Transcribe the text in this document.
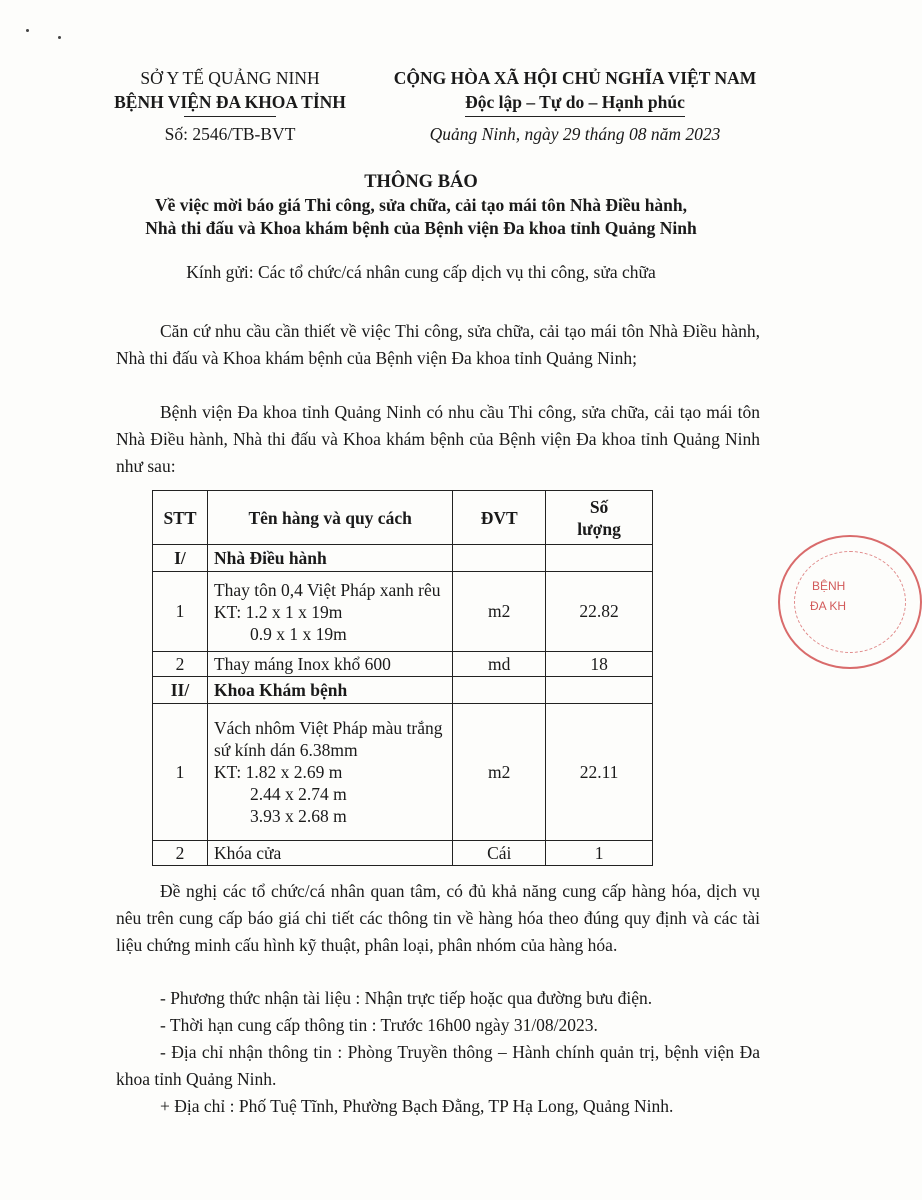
SỞ Y TẾ QUẢNG NINH
BỆNH VIỆN ĐA KHOA TỈNH
CỘNG HÒA XÃ HỘI CHỦ NGHĨA VIỆT NAM
Độc lập – Tự do – Hạnh phúc
Số: 2546/TB-BVT	Quảng Ninh, ngày 29 tháng 08 năm 2023
THÔNG BÁO
Về việc mời báo giá Thi công, sửa chữa, cải tạo mái tôn Nhà Điều hành,
Nhà thi đấu và Khoa khám bệnh của Bệnh viện Đa khoa tỉnh Quảng Ninh
Kính gửi: Các tổ chức/cá nhân cung cấp dịch vụ thi công, sửa chữa
Căn cứ nhu cầu cần thiết về việc Thi công, sửa chữa, cải tạo mái tôn Nhà Điều hành, Nhà thi đấu và Khoa khám bệnh của Bệnh viện Đa khoa tỉnh Quảng Ninh;
Bệnh viện Đa khoa tỉnh Quảng Ninh có nhu cầu Thi công, sửa chữa, cải tạo mái tôn Nhà Điều hành, Nhà thi đấu và Khoa khám bệnh của Bệnh viện Đa khoa tỉnh Quảng Ninh như sau:
STT	Tên hàng và quy cách	ĐVT	Số
lượng
I/	Nhà Điều hành		
1	Thay tôn 0,4 Việt Pháp xanh rêu
KT: 1.2 x 1 x 19m

0.9 x 1 x 19m	m2	22.82
2	Thay máng Inox khổ 600	md	18
II/	Khoa Khám bệnh		
1	Vách nhôm Việt Pháp màu trắng
sứ kính dán 6.38mm
KT: 1.82 x 2.69 m

2.44 x 2.74 m
3.93 x 2.68 m	m2	22.11
2	Khóa cửa	Cái	1
Đề nghị các tổ chức/cá nhân quan tâm, có đủ khả năng cung cấp hàng hóa, dịch vụ nêu trên cung cấp báo giá chi tiết các thông tin về hàng hóa theo đúng quy định và các tài liệu chứng minh cấu hình kỹ thuật, phân loại, phân nhóm của hàng hóa.
- Phương thức nhận tài liệu : Nhận trực tiếp hoặc qua đường bưu điện.
- Thời hạn cung cấp thông tin : Trước 16h00 ngày 31/08/2023.
- Địa chỉ nhận thông tin : Phòng Truyền thông – Hành chính quản trị, bệnh viện Đa khoa tỉnh Quảng Ninh.
+ Địa chỉ : Phố Tuệ Tĩnh, Phường Bạch Đằng, TP Hạ Long, Quảng Ninh.
BỆNH
ĐA KH
